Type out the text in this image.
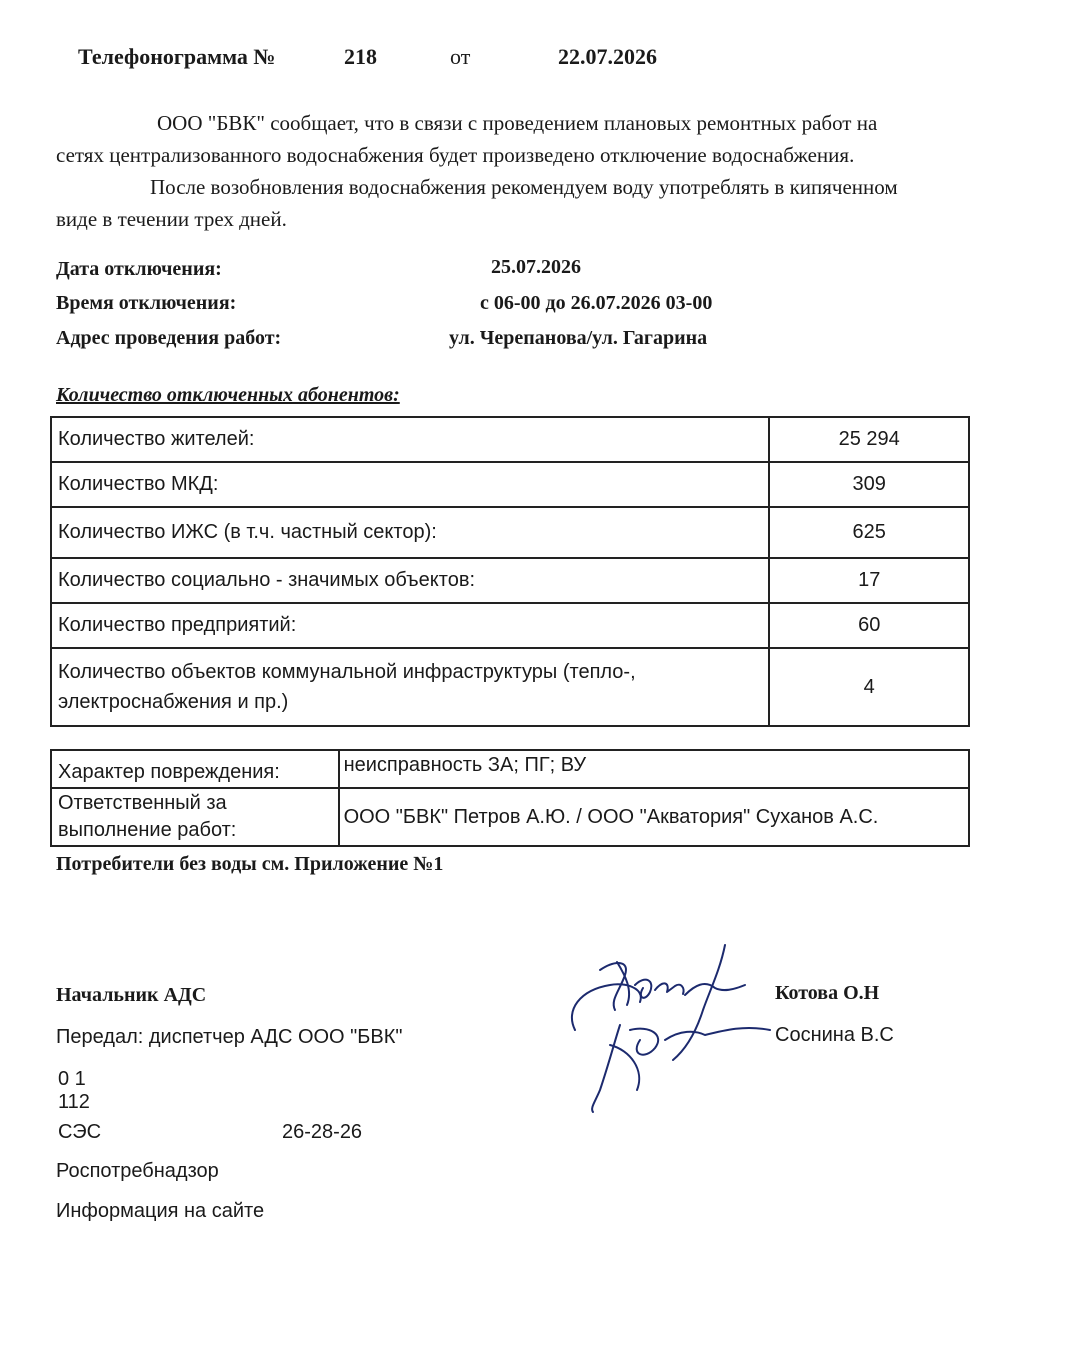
Телефонограмма №	218	от	22.07.2026
ООО "БВК" сообщает, что в связи с проведением плановых ремонтных работ на
сетях централизованного водоснабжения будет произведено отключение водоснабжения.
После возобновления водоснабжения рекомендуем воду употреблять в кипяченном
виде в течении трех дней.
Дата отключения:	25.07.2026
Время отключения:	с 06-00 до 26.07.2026 03-00
Адрес проведения работ:	ул. Черепанова/ул. Гагарина
Количество отключенных абонентов:
Количество жителей:	25 294
Количество МКД:	309
Количество ИЖС (в т.ч. частный сектор):	625
Количество социально - значимых объектов:	17
Количество предприятий:	60

Количество объектов коммунальной инфраструктуры (тепло-,
электроснабжения и пр.)	4
Характер повреждения:	неисправность ЗА; ПГ; ВУ

Ответственный за
выполнение работ:	ООО "БВК" Петров А.Ю. / ООО "Акватория" Суханов А.С.
Потребители без воды см. Приложение №1
Начальник АДС	Котова О.Н
Передал: диспетчер АДС ООО "БВК"	Соснина В.С
0 1
112
СЭС	26-28-26
Роспотребнадзор
Информация на сайте
